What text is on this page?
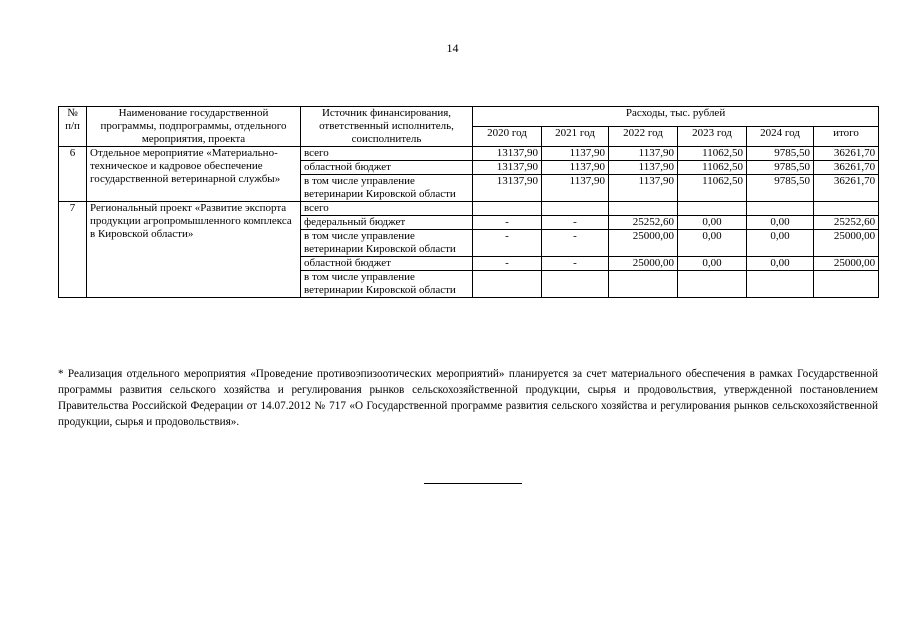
14
№ п/п	Наименование государственной программы, подпрограммы, отдельного мероприятия, проекта	Источник финансирования, ответственный исполнитель, соисполнитель	Расходы, тыс. рублей					
			2020 год	2021 год	2022 год	2023 год	2024 год	итого
6	Отдельное мероприятие «Материально-техническое и кадровое обеспечение государственной ветеринарной службы»	всего	13137,90	1137,90	1137,90	11062,50	9785,50	36261,70
		областной бюджет	13137,90	1137,90	1137,90	11062,50	9785,50	36261,70
		в том числе управление ветеринарии Кировской области	13137,90	1137,90	1137,90	11062,50	9785,50	36261,70
7	Региональный проект «Развитие экспорта продукции агропромышленного комплекса в Кировской области»	всего						
		федеральный бюджет	-	-	25252,60	0,00	0,00	25252,60
		в том числе управление ветеринарии Кировской области	-	-	25000,00	0,00	0,00	25000,00
		областной бюджет	-	-	25000,00	0,00	0,00	25000,00
		в том числе управление ветеринарии Кировской области						
* Реализация отдельного мероприятия «Проведение противоэпизоотических мероприятий» планируется за счет материального обеспечения в рамках Государственной программы развития сельского хозяйства и регулирования рынков сельскохозяйственной продукции, сырья и продовольствия, утвержденной постановлением Правительства Российской Федерации от 14.07.2012 № 717 «О Государственной программе развития сельского хозяйства и регулирования рынков сельскохозяйственной продукции, сырья и продовольствия».
